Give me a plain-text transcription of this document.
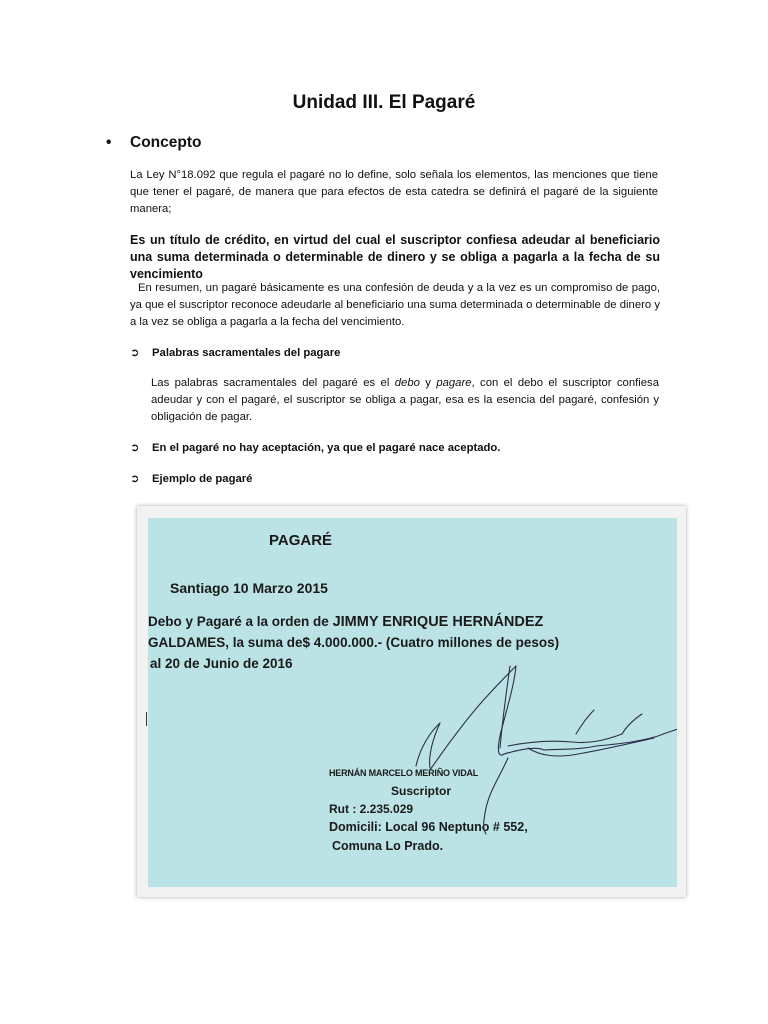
Unidad III. El Pagaré
• Concepto
La Ley N°18.092 que regula el pagaré no lo define, solo señala los elementos, las menciones que tiene que tener el pagaré, de manera que para efectos de esta catedra se definirá el pagaré de la siguiente manera;
Es un título de crédito, en virtud del cual el suscriptor confiesa adeudar al beneficiario una suma determinada o determinable de dinero y se obliga a pagarla a la fecha de su vencimiento
En resumen, un pagaré básicamente es una confesión de deuda y a la vez es un compromiso de pago, ya que el suscriptor reconoce adeudarle al beneficiario una suma determinada o determinable de dinero y a la vez se obliga a pagarla a la fecha del vencimiento.
➲ Palabras sacramentales del pagare
Las palabras sacramentales del pagaré es el debo y pagare, con el debo el suscriptor confiesa adeudar y con el pagaré, el suscriptor se obliga a pagar, esa es la esencia del pagaré, confesión y obligación de pagar.
➲ En el pagaré no hay aceptación, ya que el pagaré nace aceptado.
➲ Ejemplo de pagaré
PAGARÉ
Santiago 10 Marzo 2015
Debo y Pagaré a la orden de JIMMY ENRIQUE HERNÁNDEZ
GALDAMES, la suma de$ 4.000.000.- (Cuatro millones de pesos)
al 20 de Junio de 2016
HERNÁN MARCELO MERIÑO VIDAL
Suscriptor
Rut : 2.235.029
Domicili: Local 96 Neptuno # 552,
Comuna Lo Prado.
